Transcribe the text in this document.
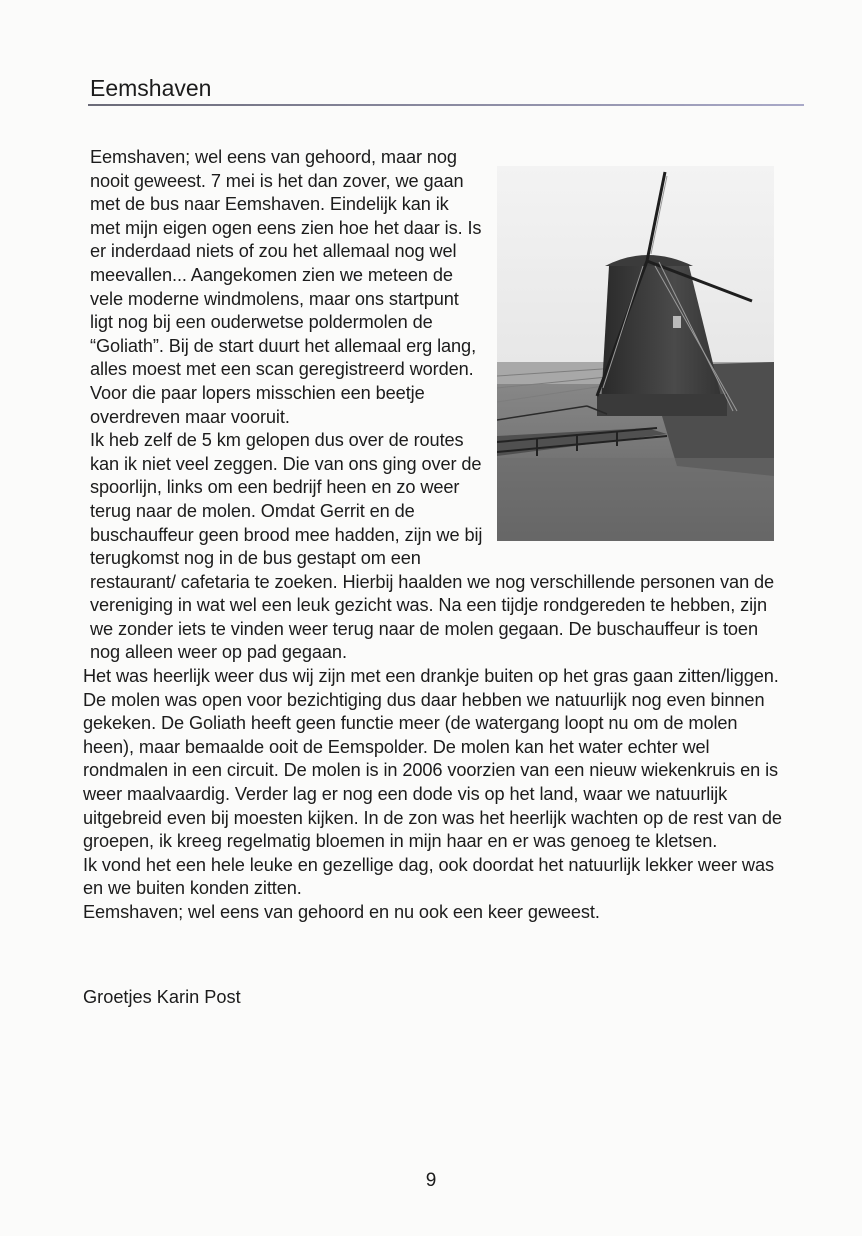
Eemshaven

Eemshaven; wel eens van gehoord, maar nog nooit geweest. 7 mei is het dan zover, we gaan met de bus naar Eemshaven. Eindelijk kan ik met mijn eigen ogen eens zien hoe het daar is. Is er inderdaad niets of zou het allemaal nog wel meevallen... Aangekomen zien we meteen de vele moderne windmolens, maar ons startpunt ligt nog bij een ouderwetse poldermolen de “Goliath”. Bij de start duurt het allemaal erg lang, alles moest met een scan geregistreerd worden. Voor die paar lopers misschien een beetje overdreven maar vooruit.

Ik heb zelf de 5 km gelopen dus over de routes kan ik niet veel zeggen. Die van ons ging over de spoorlijn, links om een bedrijf heen en zo weer terug naar de molen. Omdat Gerrit en de buschauffeur geen brood mee hadden, zijn we bij terugkomst nog in de bus gestapt om een restaurant/ cafetaria te zoeken. Hierbij haalden we nog verschillende personen van de vereniging in wat wel een leuk gezicht was. Na een tijdje rondgereden te hebben, zijn we zonder iets te vinden weer terug naar de molen gegaan. De buschauffeur is toen nog alleen weer op pad gegaan.

Het was heerlijk weer dus wij zijn met een drankje buiten op het gras gaan zitten/liggen. De molen was open voor bezichtiging dus daar hebben we natuurlijk nog even binnen gekeken. De Goliath heeft geen functie meer (de watergang loopt nu om de molen heen), maar bemaalde ooit de Eemspolder. De molen kan het water echter wel rondmalen in een circuit. De molen is in 2006 voorzien van een nieuw wiekenkruis en is weer maalvaardig. Verder lag er nog een dode vis op het land, waar we natuurlijk uitgebreid even bij moesten kijken. In de zon was het heerlijk wachten op de rest van de groepen, ik kreeg regelmatig bloemen in mijn haar en er was genoeg te kletsen.

Ik vond het een hele leuke en gezellige dag, ook doordat het natuurlijk lekker weer was en we buiten konden zitten.

Eemshaven; wel eens van gehoord en nu ook een keer geweest.

Groetjes Karin Post
9
